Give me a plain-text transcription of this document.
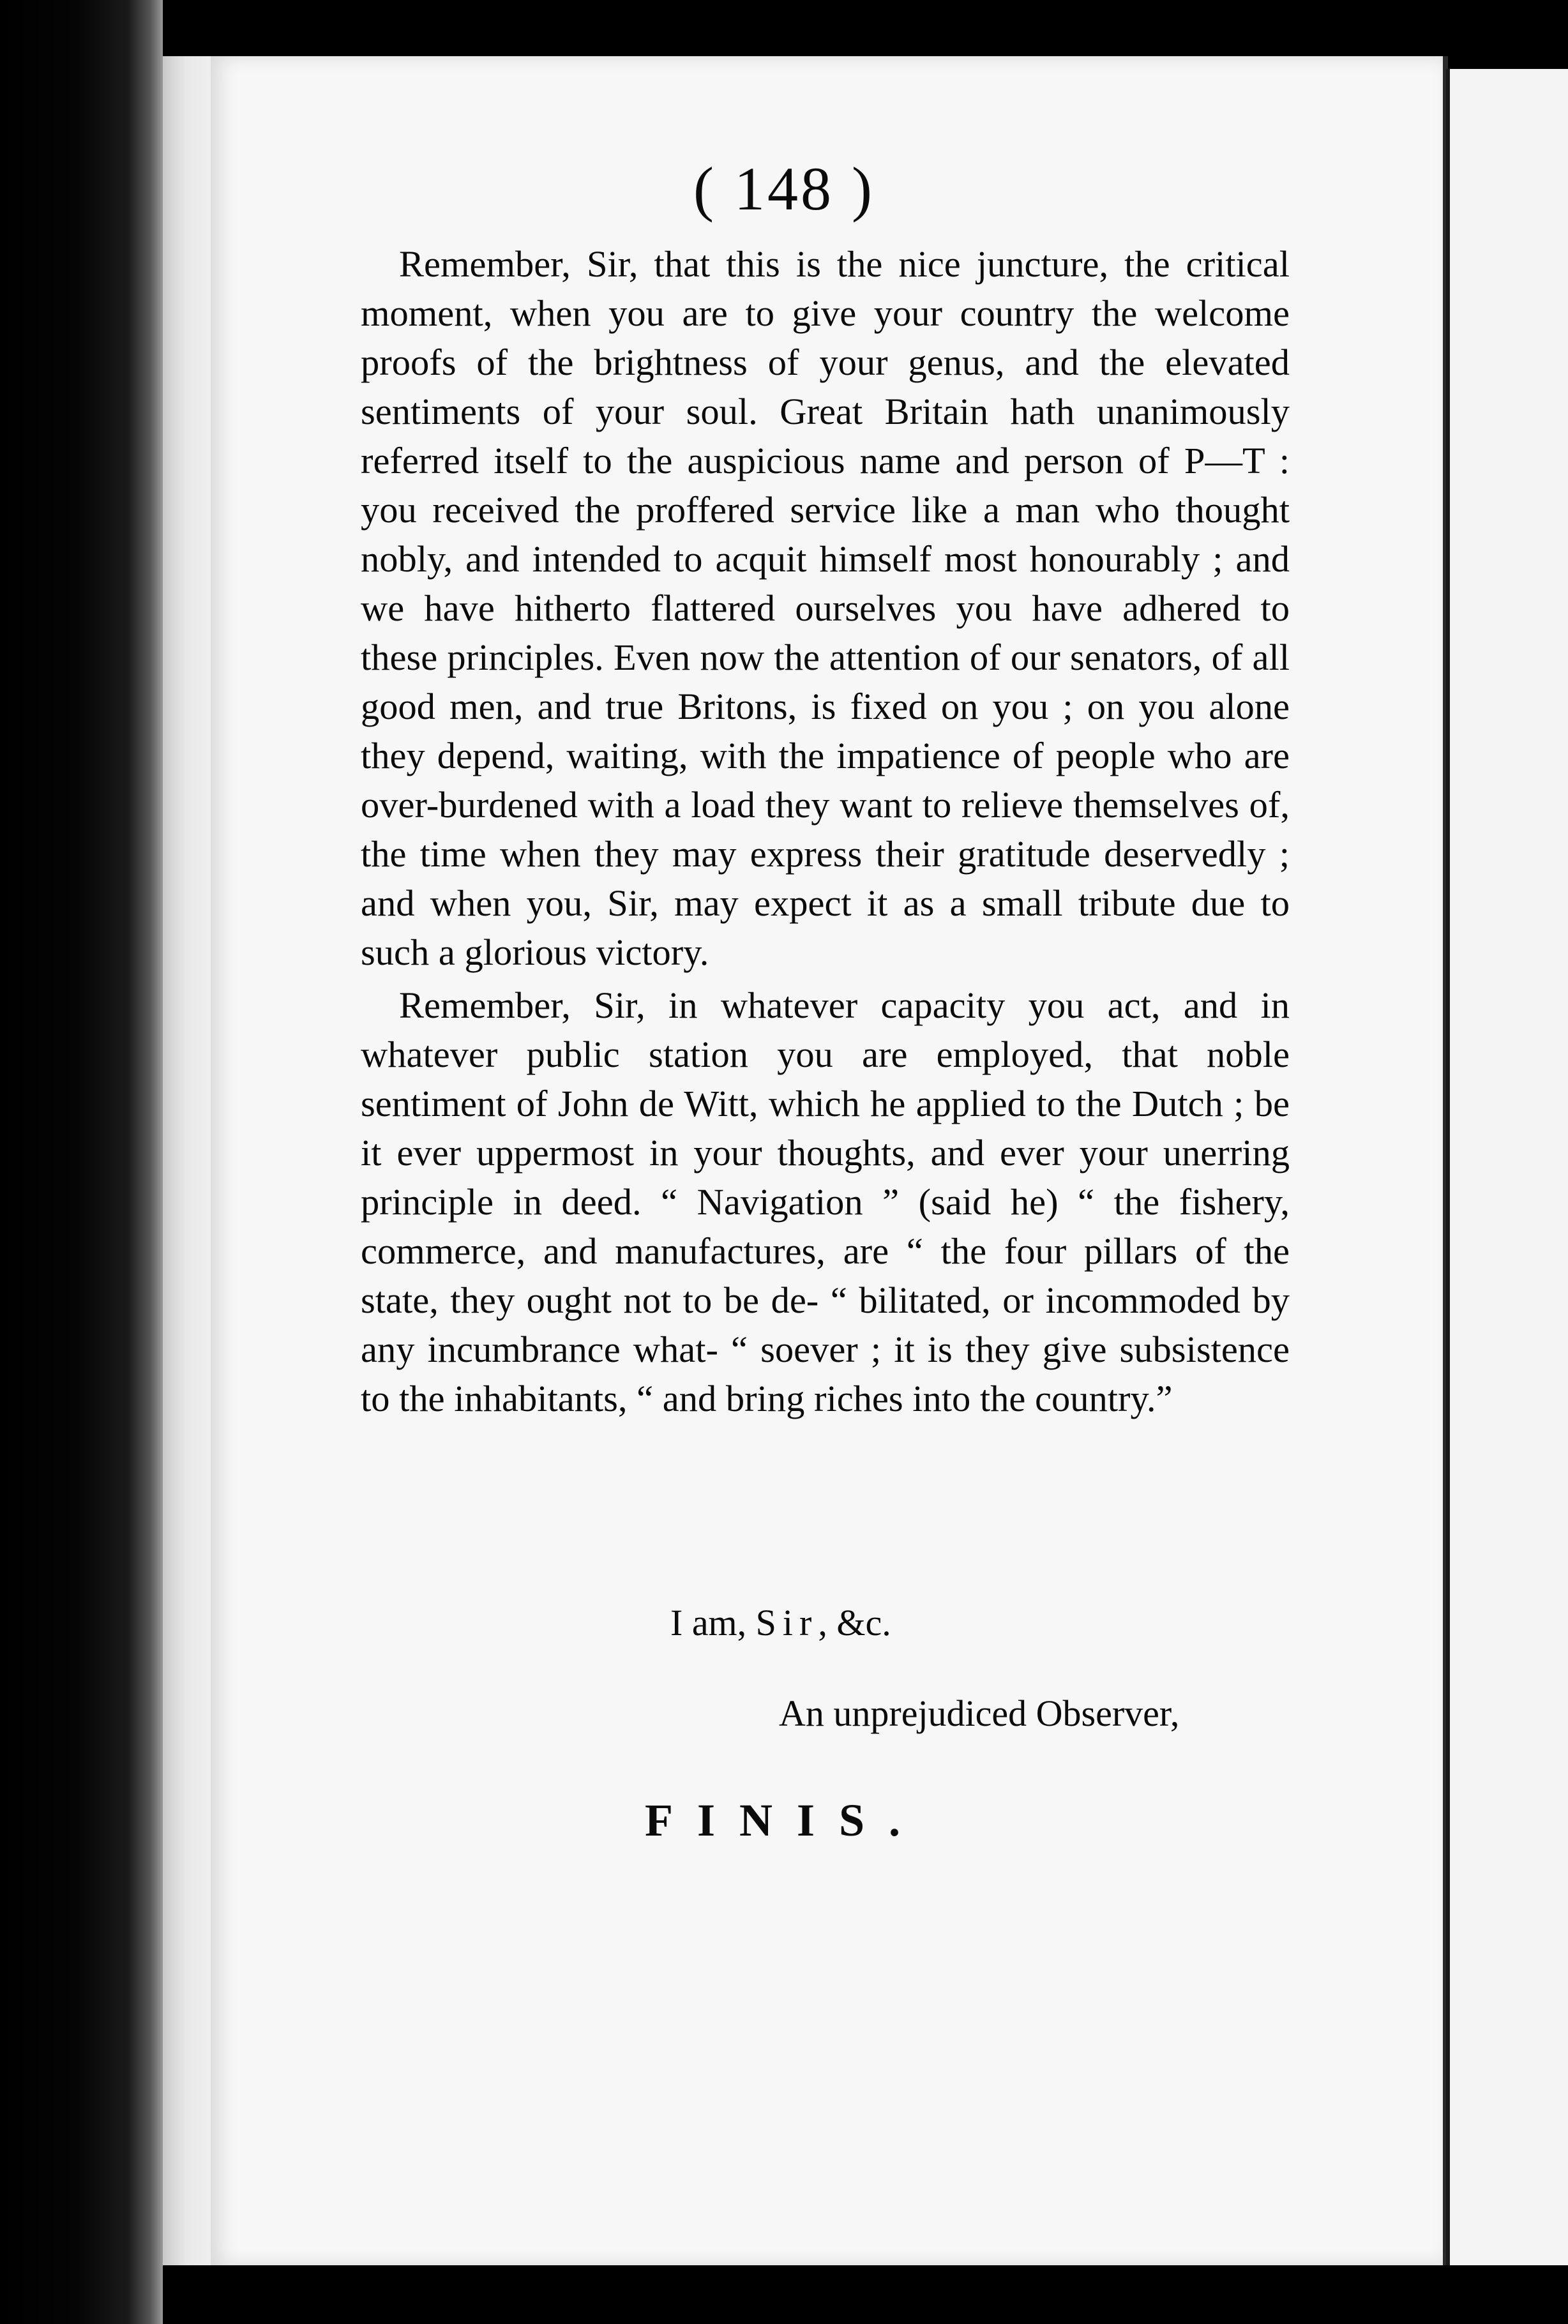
( 148 )

Remember, Sir, that this is the nice juncture, the critical moment, when you are to give your country the welcome proofs of the brightness of your genus, and the elevated sentiments of your soul. Great Britain hath unanimously referred itself to the auspicious name and person of P—T : you received the proffered service like a man who thought nobly, and intended to acquit himself most honourably ; and we have hitherto flattered ourselves you have adhered to these principles. Even now the attention of our senators, of all good men, and true Britons, is fixed on you ; on you alone they depend, waiting, with the impatience of people who are over-burdened with a load they want to relieve themselves of, the time when they may express their gratitude deservedly ; and when you, Sir, may expect it as a small tribute due to such a glorious victory.

Remember, Sir, in whatever capacity you act, and in whatever public station you are employed, that noble sentiment of John de Witt, which he applied to the Dutch ; be it ever uppermost in your thoughts, and ever your unerring principle in deed. “ Navigation ” (said he) “ the fishery, commerce, and manufactures, are “ the four pillars of the state, they ought not to be de- “ bilitated, or incommoded by any incumbrance what- “ soever ; it is they give subsistence to the inhabitants, “ and bring riches into the country.”

I am, Sir, &c.
An unprejudiced Observer,
FINIS.
